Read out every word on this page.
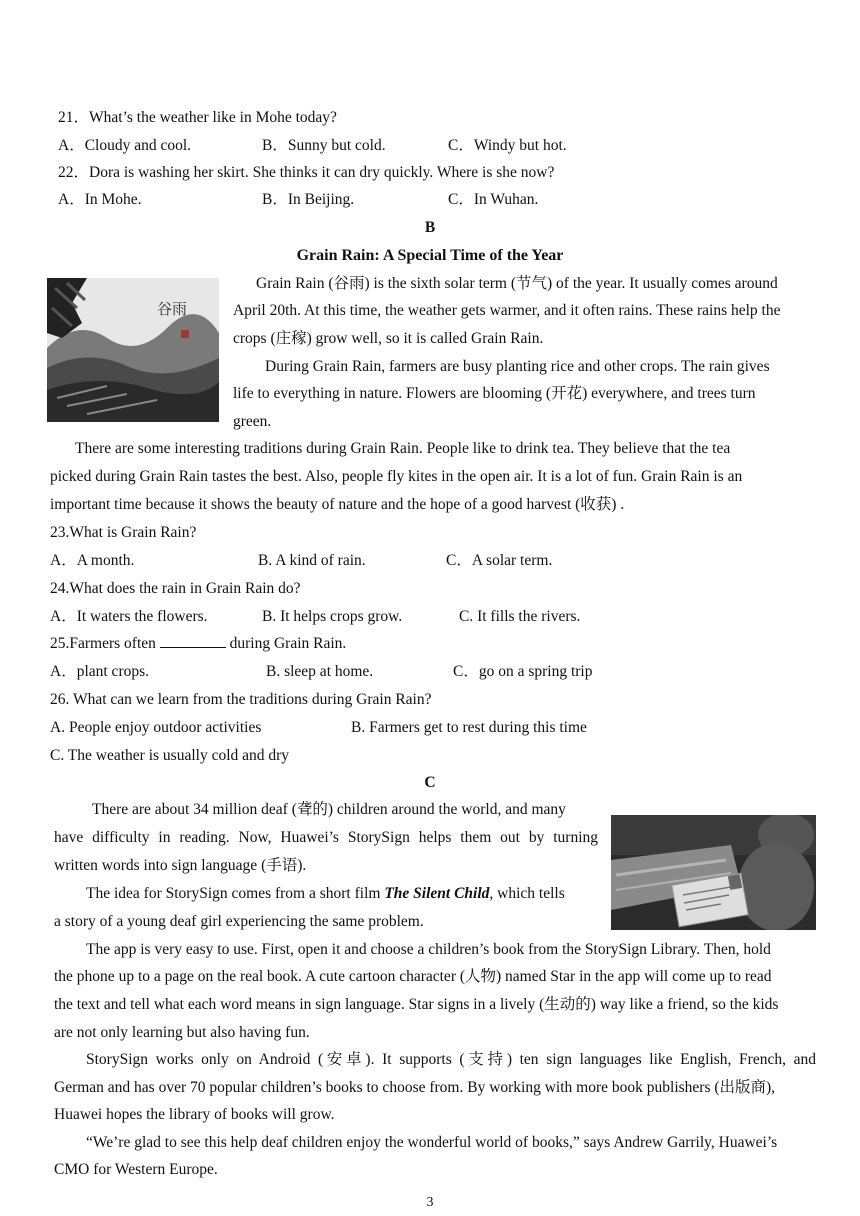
21．What’s the weather like in Mohe today?
A．Cloudy and cool.	B．Sunny but cold.	C．Windy but hot.
22．Dora is washing her skirt. She thinks it can dry quickly. Where is she now?
A．In Mohe.	B．In Beijing.	C．In Wuhan.
B
Grain Rain: A Special Time of the Year
谷雨
Grain Rain (谷雨) is the sixth solar term (节气) of the year. It usually comes around
April 20th. At this time, the weather gets warmer, and it often rains. These rains help the
crops (庄稼) grow well, so it is called Grain Rain.
During Grain Rain, farmers are busy planting rice and other crops. The rain gives
life to everything in nature. Flowers are blooming (开花) everywhere, and trees turn
green.
There are some interesting traditions during Grain Rain. People like to drink tea. They believe that the tea
picked during Grain Rain tastes the best. Also, people fly kites in the open air. It is a lot of fun. Grain Rain is an
important time because it shows the beauty of nature and the hope of a good harvest (收获) .
23.What is Grain Rain?
A．A month.	B. A kind of rain.	C．A solar term.
24.What does the rain in Grain Rain do?
A．It waters the flowers.	B. It helps crops grow.	C. It fills the rivers.
25.Farmers often	during Grain Rain.
A．plant crops.	B. sleep at home.	C．go on a spring trip
26. What can we learn from the traditions during Grain Rain?
A. People enjoy outdoor activities	B. Farmers get to rest during this time
C. The weather is usually cold and dry
C
There are about 34 million deaf (聋的) children around the world, and many
have difficulty in reading. Now, Huawei’s StorySign helps them out by turning
written words into sign language (手语).
The idea for StorySign comes from a short film The Silent Child, which tells
a story of a young deaf girl experiencing the same problem.
The app is very easy to use. First, open it and choose a children’s book from the StorySign Library. Then, hold
the phone up to a page on the real book. A cute cartoon character (人物) named Star in the app will come up to read
the text and tell what each word means in sign language. Star signs in a lively (生动的) way like a friend, so the kids
are not only learning but also having fun.
StorySign works only on Android (安卓). It supports (支持) ten sign languages like English, French, and
German and has over 70 popular children’s books to choose from. By working with more book publishers (出版商),
Huawei hopes the library of books will grow.
“We’re glad to see this help deaf children enjoy the wonderful world of books,” says Andrew Garrily, Huawei’s
CMO for Western Europe.
3
